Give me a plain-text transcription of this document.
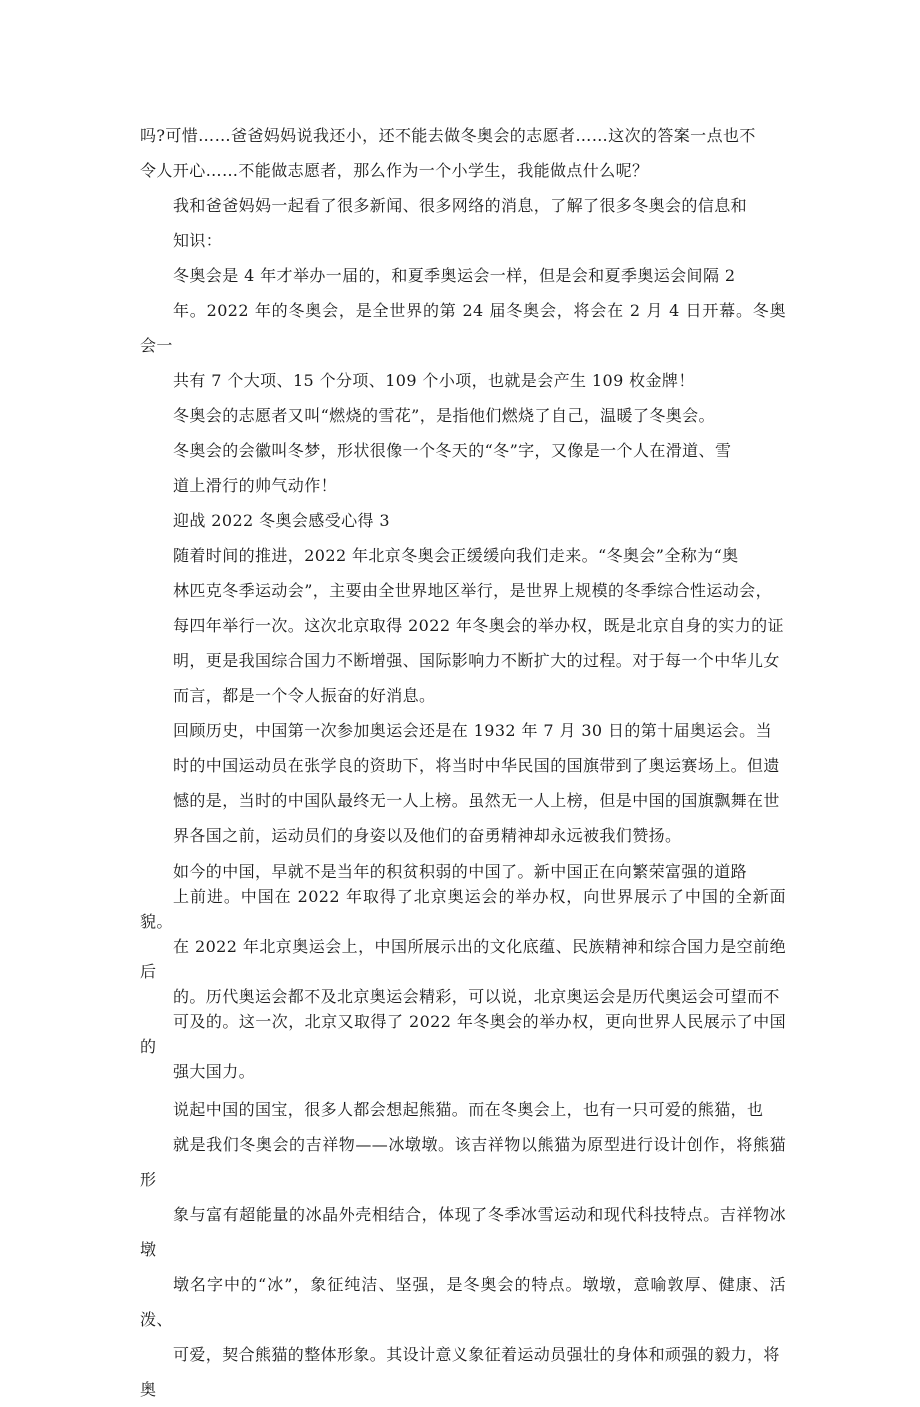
吗?可惜……爸爸妈妈说我还小，还不能去做冬奥会的志愿者……这次的答案一点也不
令人开心……不能做志愿者，那么作为一个小学生，我能做点什么呢？

我和爸爸妈妈一起看了很多新闻、很多网络的消息，了解了很多冬奥会的信息和
知识：

冬奥会是 4 年才举办一届的，和夏季奥运会一样，但是会和夏季奥运会间隔 2
年。2022 年的冬奥会，是全世界的第 24 届冬奥会，将会在 2 月 4 日开幕。冬奥会一
共有 7 个大项、15 个分项、109 个小项，也就是会产生 109 枚金牌！

冬奥会的志愿者又叫“燃烧的雪花”，是指他们燃烧了自己，温暖了冬奥会。

冬奥会的会徽叫冬梦，形状很像一个冬天的“冬”字，又像是一个人在滑道、雪
道上滑行的帅气动作！

迎战 2022 冬奥会感受心得 3

随着时间的推进，2022 年北京冬奥会正缓缓向我们走来。“冬奥会”全称为“奥
林匹克冬季运动会”，主要由全世界地区举行，是世界上规模的冬季综合性运动会，
每四年举行一次。这次北京取得 2022 年冬奥会的举办权，既是北京自身的实力的证
明，更是我国综合国力不断增强、国际影响力不断扩大的过程。对于每一个中华儿女
而言，都是一个令人振奋的好消息。

回顾历史，中国第一次参加奥运会还是在 1932 年 7 月 30 日的第十届奥运会。当
时的中国运动员在张学良的资助下，将当时中华民国的国旗带到了奥运赛场上。但遗
憾的是，当时的中国队最终无一人上榜。虽然无一人上榜，但是中国的国旗飘舞在世
界各国之前，运动员们的身姿以及他们的奋勇精神却永远被我们赞扬。

如今的中国，早就不是当年的积贫积弱的中国了。新中国正在向繁荣富强的道路
上前进。中国在 2022 年取得了北京奥运会的举办权，向世界展示了中国的全新面貌。
在 2022 年北京奥运会上，中国所展示出的文化底蕴、民族精神和综合国力是空前绝后
的。历代奥运会都不及北京奥运会精彩，可以说，北京奥运会是历代奥运会可望而不
可及的。这一次，北京又取得了 2022 年冬奥会的举办权，更向世界人民展示了中国的
强大国力。

说起中国的国宝，很多人都会想起熊猫。而在冬奥会上，也有一只可爱的熊猫，也
就是我们冬奥会的吉祥物——冰墩墩。该吉祥物以熊猫为原型进行设计创作，将熊猫形
象与富有超能量的冰晶外壳相结合，体现了冬季冰雪运动和现代科技特点。吉祥物冰墩
墩名字中的“冰”，象征纯洁、坚强，是冬奥会的特点。墩墩，意喻敦厚、健康、活泼、
可爱，契合熊猫的整体形象。其设计意义象征着运动员强壮的身体和顽强的毅力，将奥
